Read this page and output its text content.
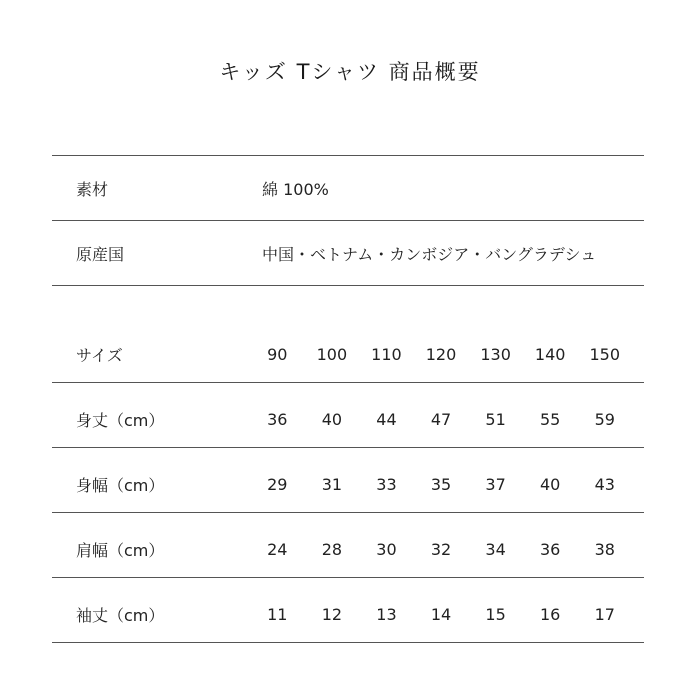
キッズ Tシャツ 商品概要
素材	綿 100%
原産国	中国・ベトナム・カンボジア・バングラデシュ
サイズ	90	100	110	120	130	140	150
身丈（cm）	36	40	44	47	51	55	59
身幅（cm）	29	31	33	35	37	40	43
肩幅（cm）	24	28	30	32	34	36	38
袖丈（cm）	11	12	13	14	15	16	17
